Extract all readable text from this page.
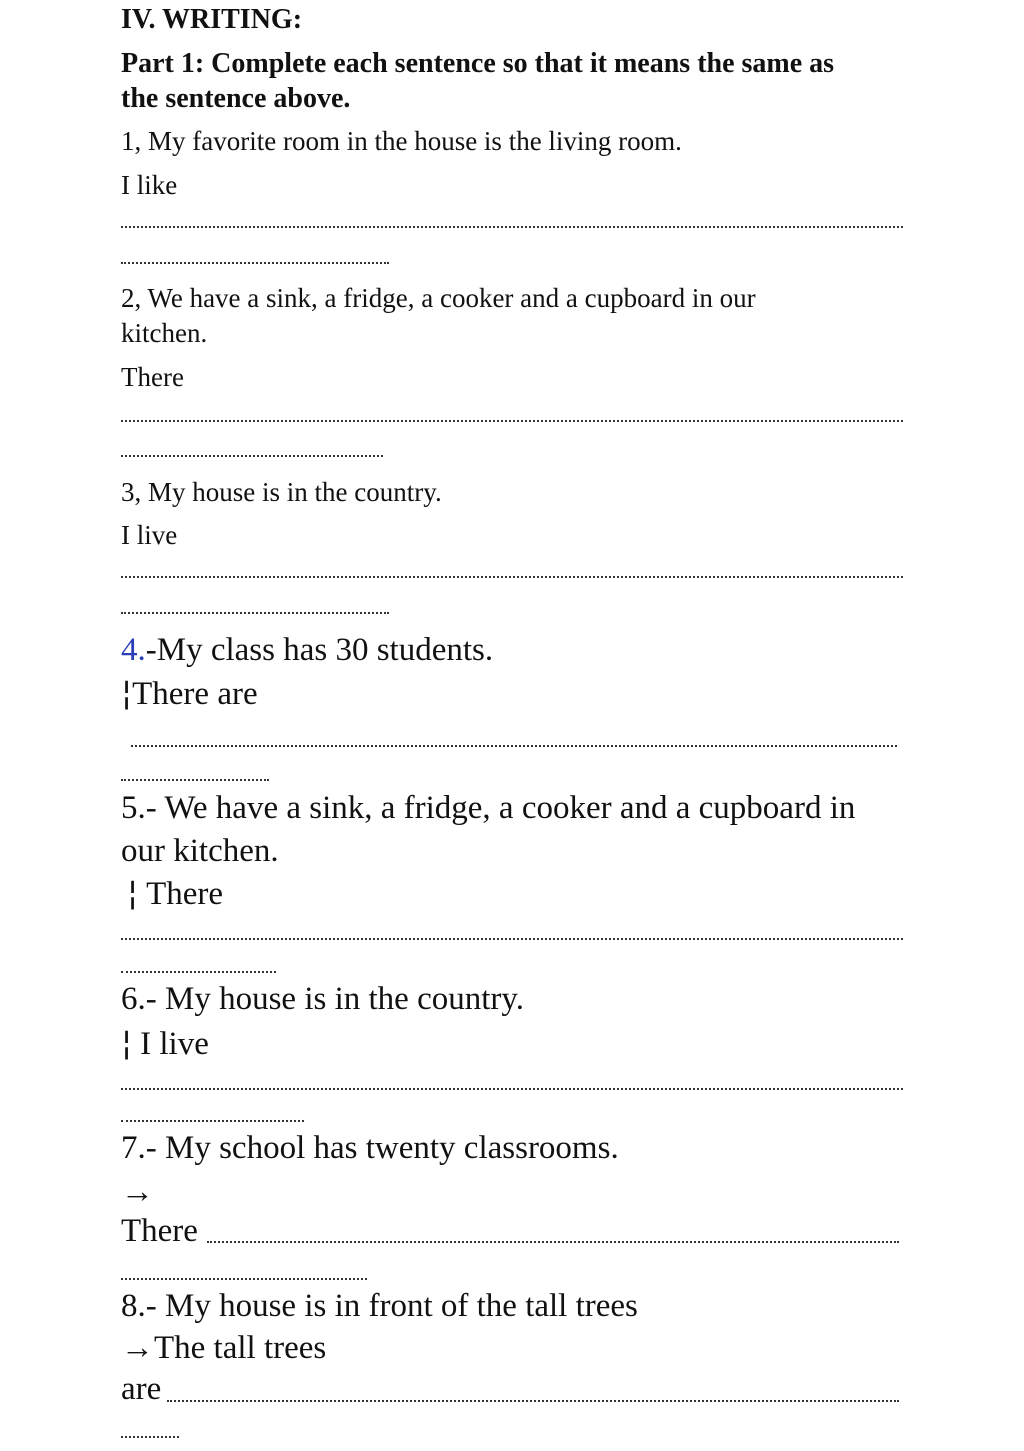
IV. WRITING:
Part 1: Complete each sentence so that it means the same as
the sentence above.
1, My favorite room in the house is the living room.
I like
2, We have a sink, a fridge, a cooker and a cupboard in our
kitchen.
There
3, My house is in the country.
I live
4.-My class has 30 students.
¦There are
5.- We have a sink, a fridge, a cooker and a cupboard in
our kitchen.
¦ There
6.- My house is in the country.
¦ I live
7.- My school has twenty classrooms.
→
There
8.- My house is in front of the tall trees
→The tall trees
are
